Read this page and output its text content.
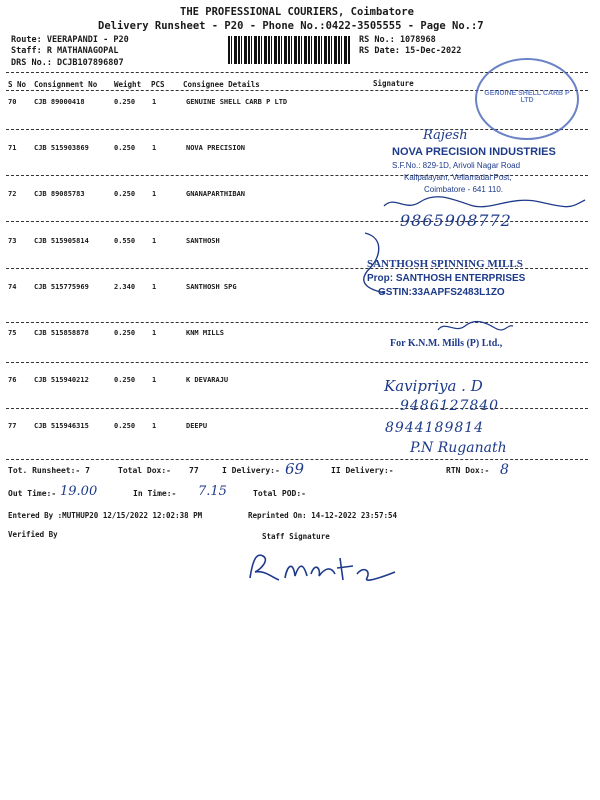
THE PROFESSIONAL COURIERS, Coimbatore
Delivery Runsheet - P20 - Phone No.:0422-3505555 - Page No.:7
Route: VEERAPANDI - P20
Staff: R MATHANAGOPAL
DRS No.: DCJB107896807
RS No.: 1078968
RS Date: 15-Dec-2022
S No Consignment No Weight PCS Consignee Details	Signature
70	CJB 89000418	0.250 1	GENUINE SHELL CARB P LTD
71	CJB 515903869	0.250 1	NOVA PRECISION
72	CJB 89085783	0.250 1	GNANAPARTHIBAN
73	CJB 515905814	0.550 1	SANTHOSH
74	CJB 515775969	2.340 1	SANTHOSH SPG
75	CJB 515858878	0.250 1	KNM MILLS
76	CJB 515940212	0.250 1	K DEVARAJU
77	CJB 515946315	0.250 1	DEEPU
GENUINE SHELL CARB P LTD
Rajesh
NOVA PRECISION INDUSTRIES
S.F.No.: 829-1D, Arivoli Nagar Road
Kalipalayam, Vellamadai Post,
Coimbatore - 641 110.
9865908772
SANTHOSH SPINNING MILLS
Prop: SANTHOSH ENTERPRISES
GSTIN:33AAPFS2483L1ZO
For K.N.M. Mills (P) Ltd.,
Kavipriya . D
9486127840
8944189814
P.N Ruganath
Tot. Runsheet:- 7	Total Dox:- 77	I Delivery:- 69	II Delivery:-	RTN Dox:- 8
Out Time:- 19.00	In Time:- 7.15	Total POD:-
Entered By :MUTHUP20 12/15/2022 12:02:38 PM	Reprinted On: 14-12-2022 23:57:54
Verified By	Staff Signature
